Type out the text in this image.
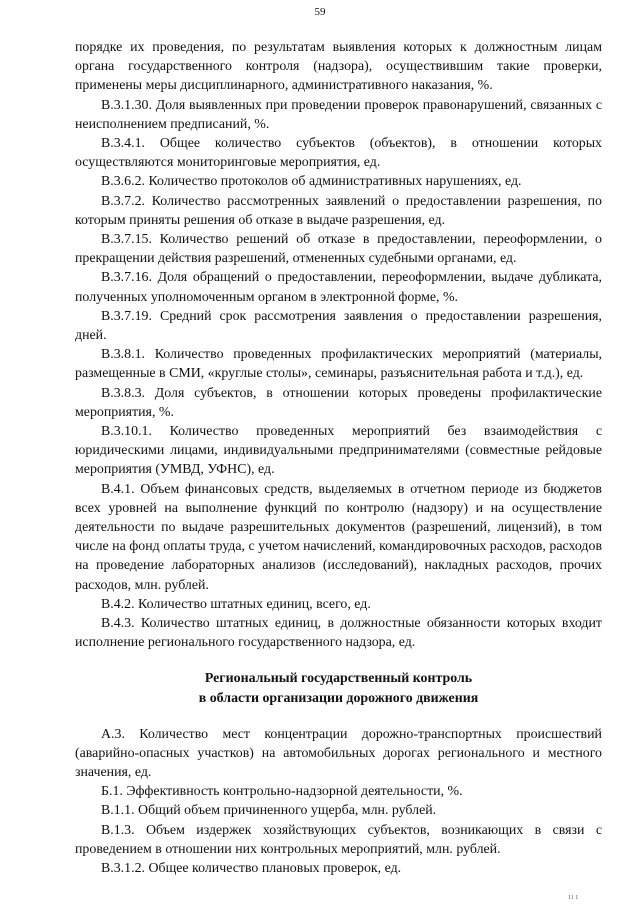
59

порядке их проведения, по результатам выявления которых к должностным лицам органа государственного контроля (надзора), осуществившим такие проверки, применены меры дисциплинарного, административного наказания, %.

В.3.1.30. Доля выявленных при проведении проверок правонарушений, связанных с неисполнением предписаний, %.

В.3.4.1. Общее количество субъектов (объектов), в отношении которых осуществляются мониторинговые мероприятия, ед.

В.3.6.2. Количество протоколов об административных нарушениях, ед.

В.3.7.2. Количество рассмотренных заявлений о предоставлении разрешения, по которым приняты решения об отказе в выдаче разрешения, ед.

В.3.7.15. Количество решений об отказе в предоставлении, переоформлении, о прекращении действия разрешений, отмененных судебными органами, ед.

В.3.7.16. Доля обращений о предоставлении, переоформлении, выдаче дубликата, полученных уполномоченным органом в электронной форме, %.

В.3.7.19. Средний срок рассмотрения заявления о предоставлении разрешения, дней.

В.3.8.1. Количество проведенных профилактических мероприятий (материалы, размещенные в СМИ, «круглые столы», семинары, разъяснительная работа и т.д.), ед.

В.3.8.3. Доля субъектов, в отношении которых проведены профилактические мероприятия, %.

В.3.10.1. Количество проведенных мероприятий без взаимодействия с юридическими лицами, индивидуальными предпринимателями (совместные рейдовые мероприятия (УМВД, УФНС), ед.

В.4.1. Объем финансовых средств, выделяемых в отчетном периоде из бюджетов всех уровней на выполнение функций по контролю (надзору) и на осуществление деятельности по выдаче разрешительных документов (разрешений, лицензий), в том числе на фонд оплаты труда, с учетом начислений, командировочных расходов, расходов на проведение лабораторных анализов (исследований), накладных расходов, прочих расходов, млн. рублей.

В.4.2. Количество штатных единиц, всего, ед.

В.4.3. Количество штатных единиц, в должностные обязанности которых входит исполнение регионального государственного надзора, ед.

Региональный государственный контроль
в области организации дорожного движения

А.3. Количество мест концентрации дорожно-транспортных происшествий (аварийно-опасных участков) на автомобильных дорогах регионального и местного значения, ед.

Б.1. Эффективность контрольно-надзорной деятельности, %.

В.1.1. Общий объем причиненного ущерба, млн. рублей.

В.1.3. Объем издержек хозяйствующих субъектов, возникающих в связи с проведением в отношении них контрольных мероприятий, млн. рублей.

В.3.1.2. Общее количество плановых проверок, ед.

11 1
